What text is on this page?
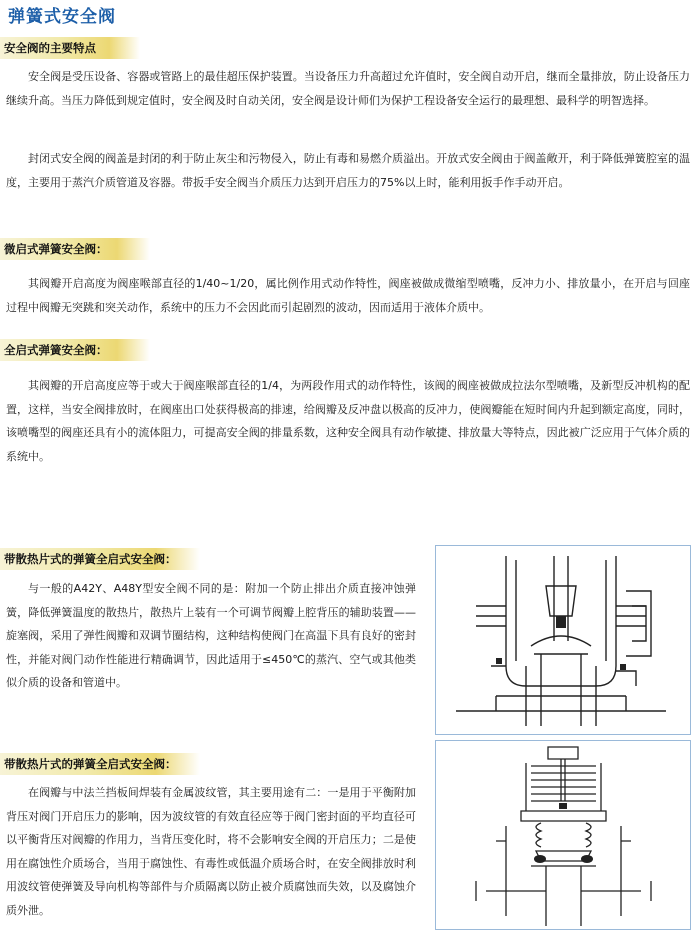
弹簧式安全阀
安全阀的主要特点

安全阀是受压设备、容器或管路上的最佳超压保护装置。当设备压力升高超过允许值时，安全阀自动开启，继而全量排放，防止设备压力继续升高。当压力降低到规定值时，安全阀及时自动关闭，安全阀是设计师们为保护工程设备安全运行的最理想、最科学的明智选择。

封闭式安全阀的阀盖是封闭的利于防止灰尘和污物侵入，防止有毒和易燃介质溢出。开放式安全阀由于阀盖敞开，利于降低弹簧腔室的温度，主要用于蒸汽介质管道及容器。带扳手安全阀当介质压力达到开启压力的75%以上时，能利用扳手作手动开启。

微启式弹簧安全阀：

其阀瓣开启高度为阀座喉部直径的1/40~1/20，属比例作用式动作特性，阀座被做成微缩型喷嘴，反冲力小、排放量小，在开启与回座过程中阀瓣无突跳和突关动作，系统中的压力不会因此而引起剧烈的波动，因而适用于液体介质中。

全启式弹簧安全阀：

其阀瓣的开启高度应等于或大于阀座喉部直径的1/4，为两段作用式的动作特性，该阀的阀座被做成拉法尔型喷嘴，及新型反冲机构的配置，这样，当安全阀排放时，在阀座出口处获得极高的排速，给阀瓣及反冲盘以极高的反冲力，使阀瓣能在短时间内升起到额定高度，同时，该喷嘴型的阀座还具有小的流体阻力，可提高安全阀的排量系数，这种安全阀具有动作敏捷、排放量大等特点，因此被广泛应用于气体介质的系统中。

带散热片式的弹簧全启式安全阀：

与一般的A42Y、A48Y型安全阀不同的是：附加一个防止排出介质直接冲蚀弹簧，降低弹簧温度的散热片，散热片上装有一个可调节阀瓣上腔背压的辅助装置——旋塞阀，采用了弹性阀瓣和双调节圈结构，这种结构使阀门在高温下具有良好的密封性，并能对阀门动作性能进行精确调节，因此适用于≤450℃的蒸汽、空气或其他类似介质的设备和管道中。

带散热片式的弹簧全启式安全阀：

在阀瓣与中法兰挡板间焊装有金属波纹管，其主要用途有二：一是用于平衡附加背压对阀门开启压力的影响，因为波纹管的有效直径应等于阀门密封面的平均直径可以平衡背压对阀瓣的作用力，当背压变化时，将不会影响安全阀的开启压力；二是使用在腐蚀性介质场合，当用于腐蚀性、有毒性或低温介质场合时，在安全阀排放时利用波纹管使弹簧及导向机构等部件与介质隔离以防止被介质腐蚀而失效，以及腐蚀介质外泄。
